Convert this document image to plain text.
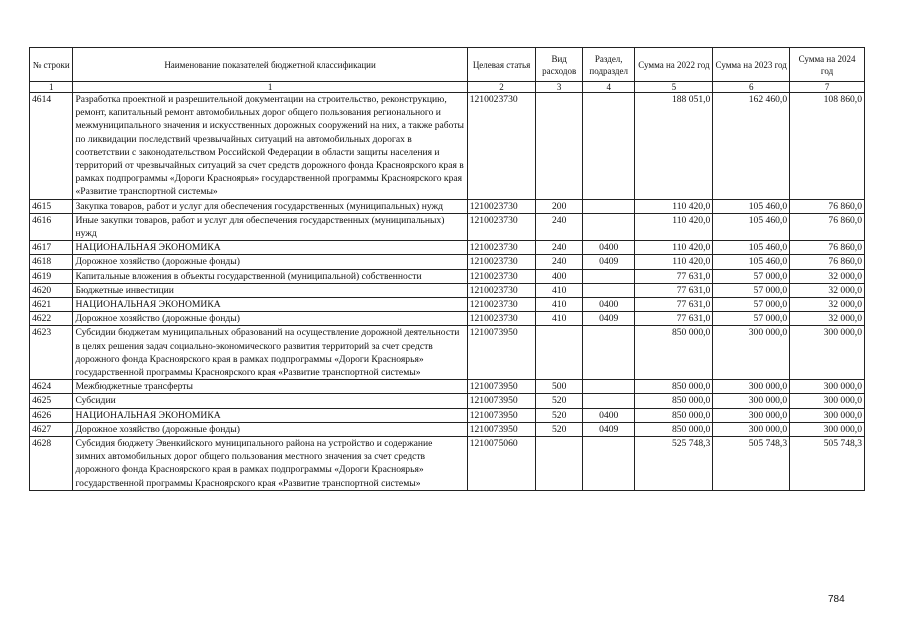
№ строки	Наименование показателей бюджетной классификации	Целевая статья	Вид расходов	Раздел, подраздел	Сумма на 2022 год	Сумма на 2023 год	Сумма на 2024 год
1	1	2	3	4	5	6	7
4614	Разработка проектной и разрешительной документации на строительство, реконструкцию, ремонт, капитальный ремонт автомобильных дорог общего пользования регионального и межмуниципального значения и искусственных дорожных сооружений на них, а также работы по ликвидации последствий чрезвычайных ситуаций на автомобильных дорогах в соответствии с законодательством Российской Федерации в области защиты населения и территорий от чрезвычайных ситуаций за счет средств дорожного фонда Красноярского края в рамках подпрограммы «Дороги Красноярья» государственной программы Красноярского края «Развитие транспортной системы»	1210023730			188 051,0	162 460,0	108 860,0
4615	Закупка товаров, работ и услуг для обеспечения государственных (муниципальных) нужд	1210023730	200		110 420,0	105 460,0	76 860,0
4616	Иные закупки товаров, работ и услуг для обеспечения государственных (муниципальных) нужд	1210023730	240		110 420,0	105 460,0	76 860,0
4617	НАЦИОНАЛЬНАЯ ЭКОНОМИКА	1210023730	240	0400	110 420,0	105 460,0	76 860,0
4618	Дорожное хозяйство (дорожные фонды)	1210023730	240	0409	110 420,0	105 460,0	76 860,0
4619	Капитальные вложения в объекты государственной (муниципальной) собственности	1210023730	400		77 631,0	57 000,0	32 000,0
4620	Бюджетные инвестиции	1210023730	410		77 631,0	57 000,0	32 000,0
4621	НАЦИОНАЛЬНАЯ ЭКОНОМИКА	1210023730	410	0400	77 631,0	57 000,0	32 000,0
4622	Дорожное хозяйство (дорожные фонды)	1210023730	410	0409	77 631,0	57 000,0	32 000,0
4623	Субсидии бюджетам муниципальных образований на осуществление дорожной деятельности в целях решения задач социально-экономического развития территорий за счет средств дорожного фонда Красноярского края в рамках подпрограммы «Дороги Красноярья» государственной программы Красноярского края «Развитие транспортной системы»	1210073950			850 000,0	300 000,0	300 000,0
4624	Межбюджетные трансферты	1210073950	500		850 000,0	300 000,0	300 000,0
4625	Субсидии	1210073950	520		850 000,0	300 000,0	300 000,0
4626	НАЦИОНАЛЬНАЯ ЭКОНОМИКА	1210073950	520	0400	850 000,0	300 000,0	300 000,0
4627	Дорожное хозяйство (дорожные фонды)	1210073950	520	0409	850 000,0	300 000,0	300 000,0
4628	Субсидия бюджету Эвенкийского муниципального района на устройство и содержание зимних автомобильных дорог общего пользования местного значения за счет средств дорожного фонда Красноярского края в рамках подпрограммы «Дороги Красноярья» государственной программы Красноярского края «Развитие транспортной системы»	1210075060			525 748,3	505 748,3	505 748,3
784
